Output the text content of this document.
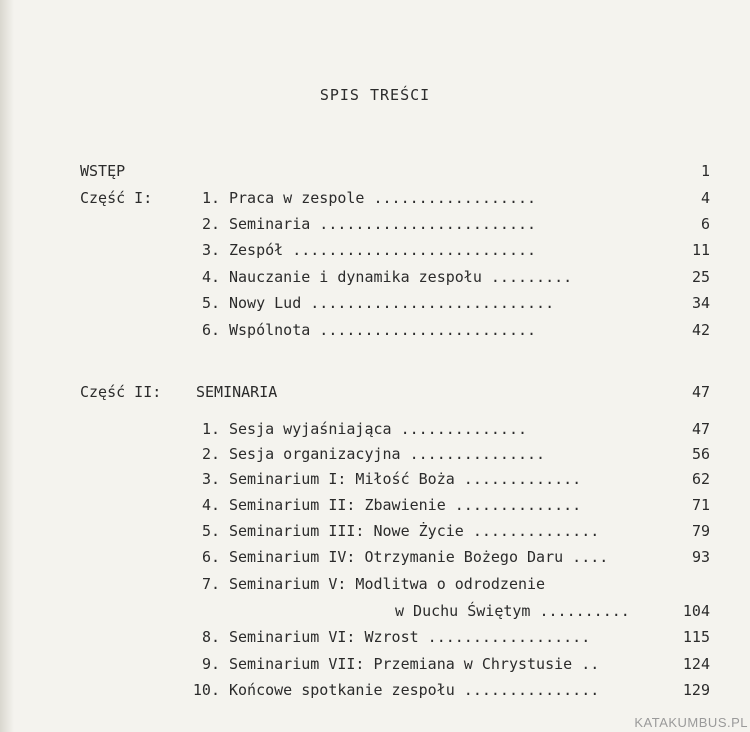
SPIS TREŚCI
WSTĘP	1
Część I:	1. Praca w zespole ..................	4
2. Seminaria ........................	6
3. Zespół ...........................	11
4. Nauczanie i dynamika zespołu .........	25
5. Nowy Lud ...........................	34
6. Wspólnota ........................	42
Część II: SEMINARIA	47
1. Sesja wyjaśniająca ..............	47
2. Sesja organizacyjna ...............	56
3. Seminarium I: Miłość Boża .............	62
4. Seminarium II: Zbawienie ..............	71
5. Seminarium III: Nowe Życie ..............	79
6. Seminarium IV: Otrzymanie Bożego Daru ....	93
7. Seminarium V: Modlitwa o odrodzenie
w Duchu Świętym ..........	104
8. Seminarium VI: Wzrost ..................	115
9. Seminarium VII: Przemiana w Chrystusie ..	124
10. Końcowe spotkanie zespołu ...............	129
KATAKUMBUS.PL
